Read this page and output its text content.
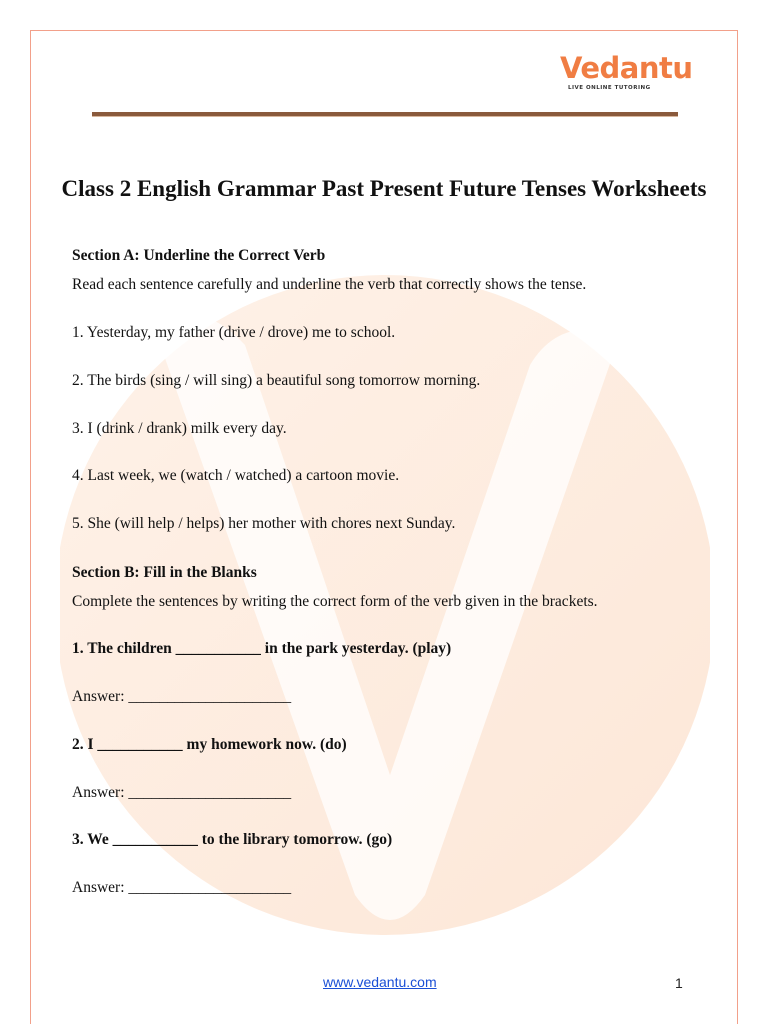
Vedantu
LIVE ONLINE TUTORING
Class 2 English Grammar Past Present Future Tenses Worksheets
Section A: Underline the Correct Verb
Read each sentence carefully and underline the verb that correctly shows the tense.
1. Yesterday, my father (drive / drove) me to school.
2. The birds (sing / will sing) a beautiful song tomorrow morning.
3. I (drink / drank) milk every day.
4. Last week, we (watch / watched) a cartoon movie.
5. She (will help / helps) her mother with chores next Sunday.
Section B: Fill in the Blanks
Complete the sentences by writing the correct form of the verb given in the brackets.
1. The children ___________ in the park yesterday. (play)
Answer: _____________________
2. I ___________ my homework now. (do)
Answer: _____________________
3. We ___________ to the library tomorrow. (go)
Answer: _____________________
www.vedantu.com	1
